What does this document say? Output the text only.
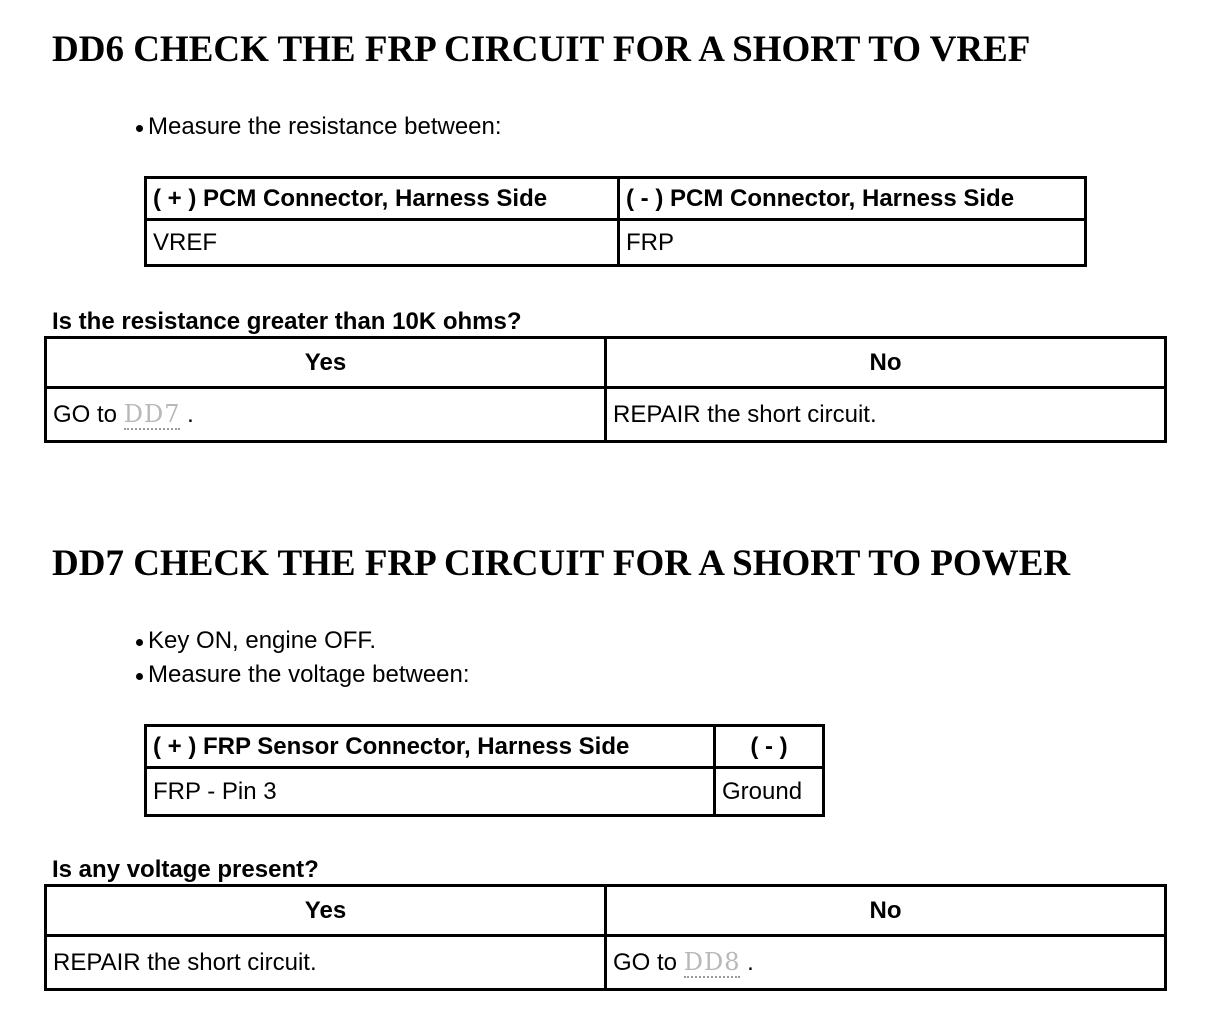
DD6 CHECK THE FRP CIRCUIT FOR A SHORT TO VREF
Measure the resistance between:
( + ) PCM Connector, Harness Side	( - ) PCM Connector, Harness Side
VREF	FRP

Is the resistance greater than 10K ohms?

Yes	No
GO to DD7 .	REPAIR the short circuit.
DD7 CHECK THE FRP CIRCUIT FOR A SHORT TO POWER
Key ON, engine OFF.
Measure the voltage between:
( + ) FRP Sensor Connector, Harness Side	( - )
FRP - Pin 3	Ground

Is any voltage present?

Yes	No
REPAIR the short circuit.	GO to DD8 .
